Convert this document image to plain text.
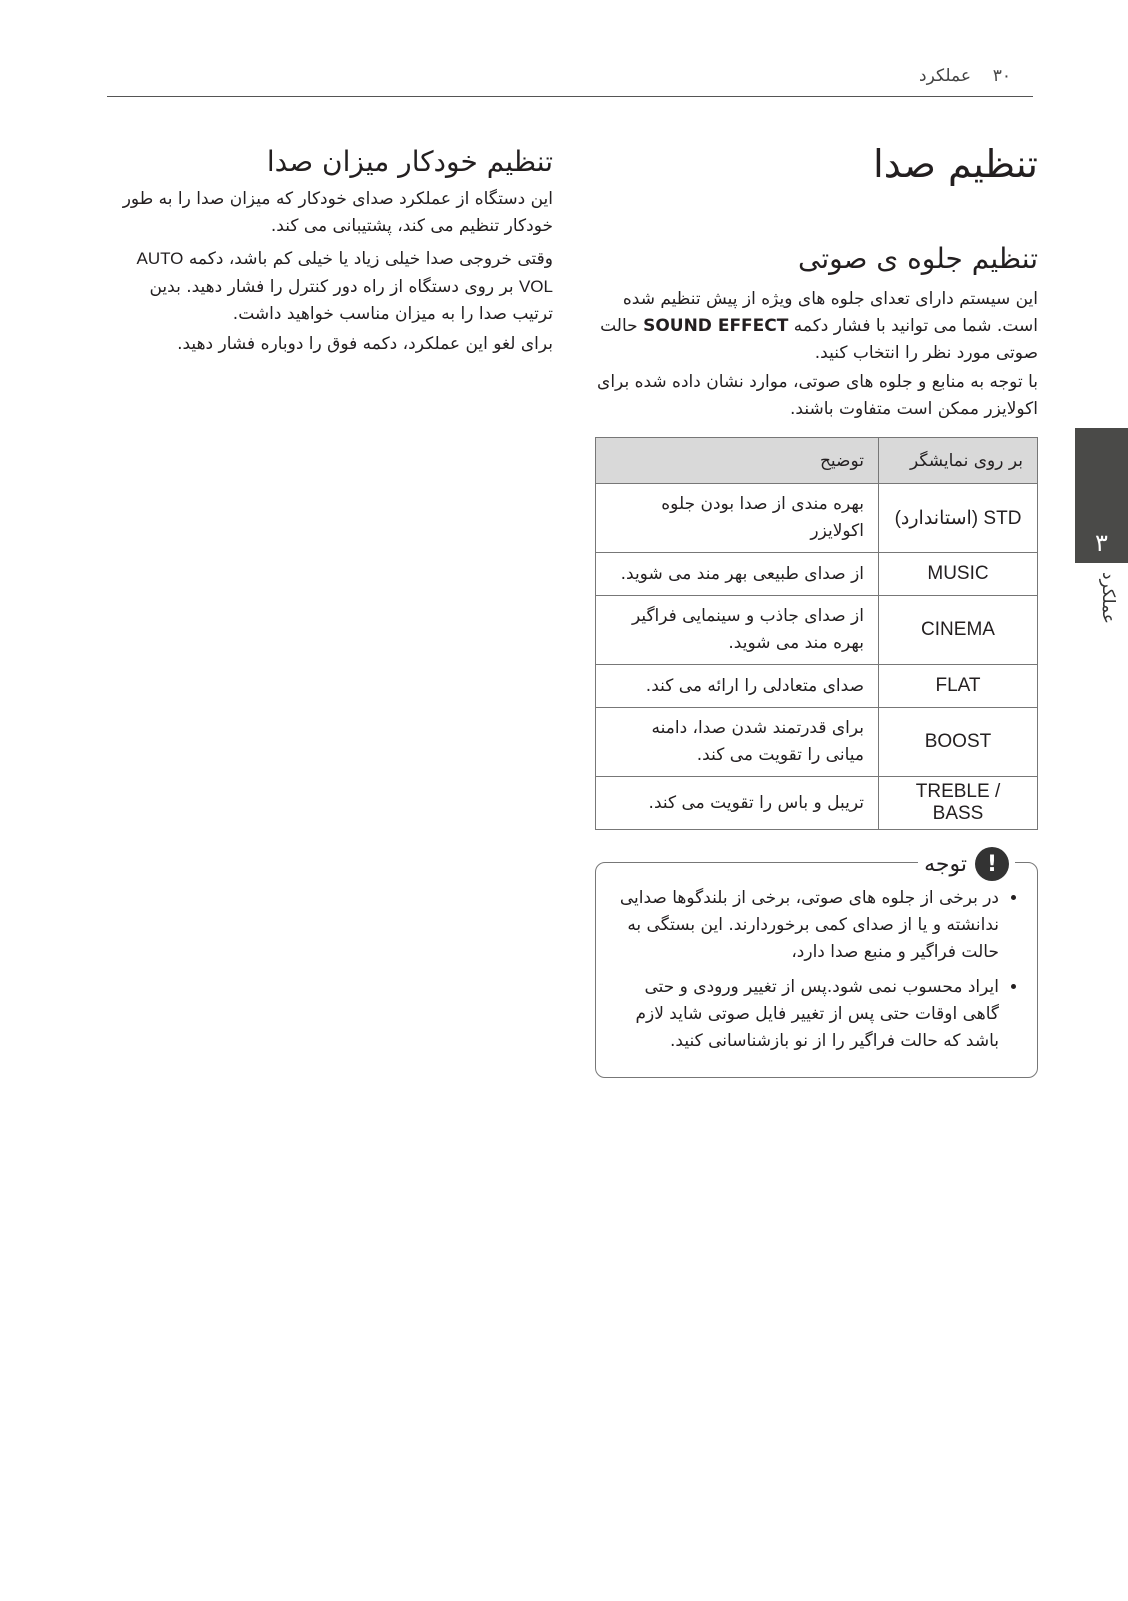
۳۰
عملکرد
تنظیم صدا
تنظیم جلوه ی صوتی

این سیستم دارای تعدای جلوه های ویژه از پیش تنظیم شده است. شما می توانید با فشار دکمه SOUND EFFECT حالت صوتی مورد نظر را انتخاب کنید.

با توجه به منابع و جلوه های صوتی، موارد نشان داده شده برای اکولایزر ممکن است متفاوت باشند.

بر روی نمایشگر	توضیح
STD (استاندارد)	بهره مندی از صدا بودن جلوه اکولایزر
MUSIC	از صدای طبیعی بهر مند می شوید.
CINEMA	از صدای جاذب و سینمایی فراگیر بهره مند می شوید.
FLAT	صدای متعادلی را ارائه می کند.
BOOST	برای قدرتمند شدن صدا، دامنه میانی را تقویت می کند.
TREBLE / BASS	تریبل و باس را تقویت می کند.
!
توجه
• در برخی از جلوه های صوتی، برخی از بلندگوها صدایی ندانشته و یا از صدای کمی برخوردارند. این بستگی به حالت فراگیر و منبع صدا دارد،
• ایراد محسوب نمی شود.پس از تغییر ورودی و حتی گاهی اوقات حتی پس از تغییر فایل صوتی شاید لازم باشد که حالت فراگیر را از نو بازشناسانی کنید.
تنظیم خودکار میزان صدا

این دستگاه از عملکرد صدای خودکار که میزان صدا را به طور خودکار تنظیم می کند، پشتیبانی می کند.

وقتی خروجی صدا خیلی زیاد یا خیلی کم باشد، دکمه AUTO VOL بر روی دستگاه از راه دور کنترل را فشار دهید. بدین ترتیب صدا را به میزان مناسب خواهید داشت.

برای لغو این عملکرد، دکمه فوق را دوباره فشار دهید.

۳
عملکرد
